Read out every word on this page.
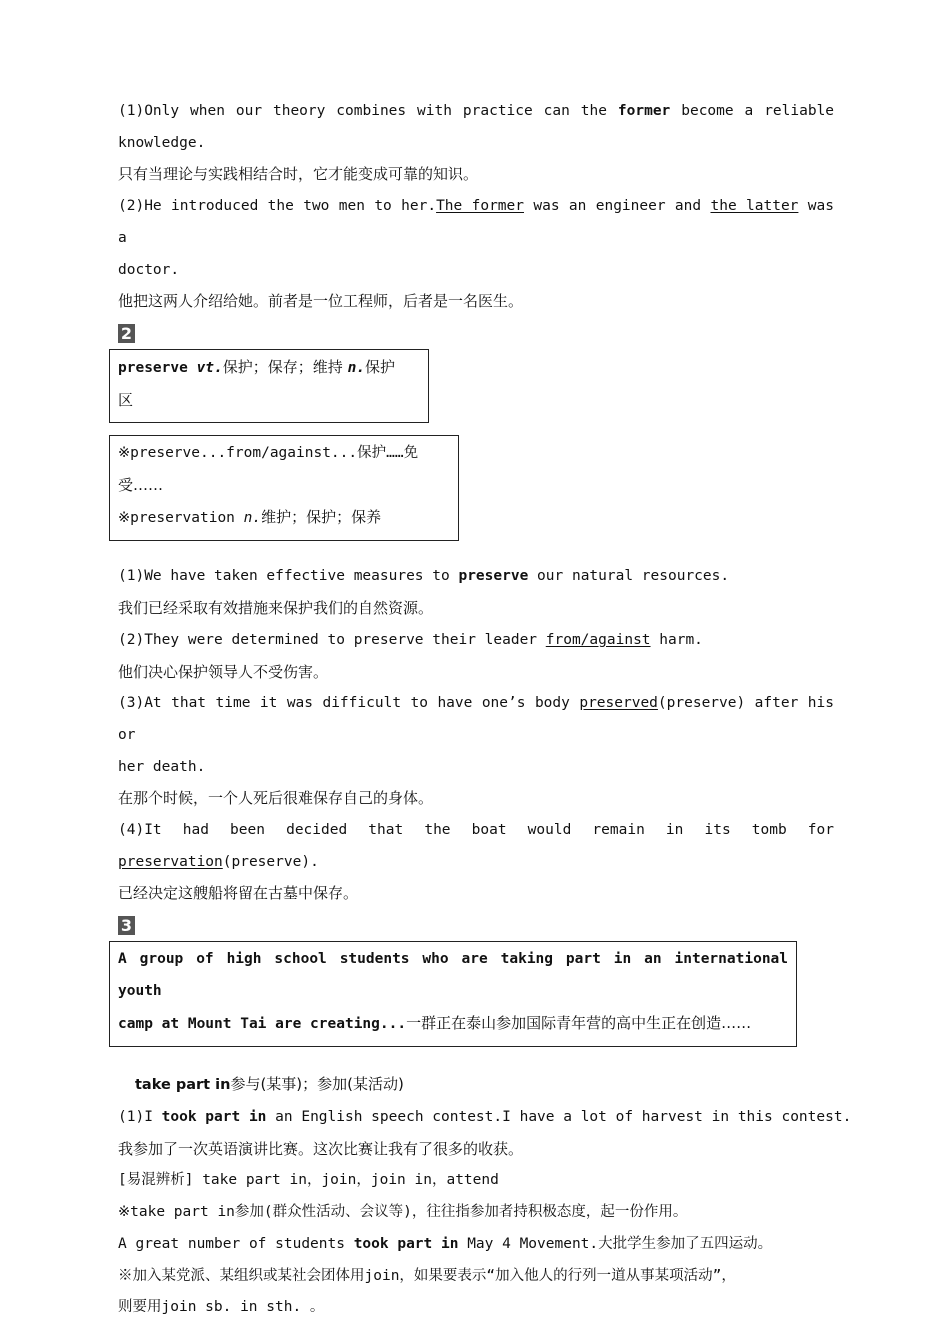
(1)Only when our theory combines with practice can the former become a reliable
knowledge.
只有当理论与实践相结合时，它才能变成可靠的知识。
(2)He introduced the two men to her.The former was an engineer and the latter was a
doctor.
他把这两人介绍给她。前者是一位工程师，后者是一名医生。
2
preserve vt.保护；保存；维持 n.保护
区
※preserve...from/against...保护……免
受……
※preservation n.维护；保护；保养
(1)We have taken effective measures to preserve our natural resources.
我们已经采取有效措施来保护我们的自然资源。
(2)They were determined to preserve their leader from/against harm.
他们决心保护领导人不受伤害。
(3)At that time it was difficult to have one’s body preserved(preserve) after his or
her death.
在那个时候，一个人死后很难保存自己的身体。
(4)It had been decided that the boat would remain in its tomb for
preservation(preserve).
已经决定这艘船将留在古墓中保存。
3
A group of high school students who are taking part in an international youth
camp at Mount Tai are creating...一群正在泰山参加国际青年营的高中生正在创造……
take part in参与(某事)；参加(某活动)
(1)I took part in an English speech contest.I have a lot of harvest in this contest.
我参加了一次英语演讲比赛。这次比赛让我有了很多的收获。
[易混辨析] take part in，join，join in，attend
※take part in参加(群众性活动、会议等)，往往指参加者持积极态度，起一份作用。
A great number of students took part in May 4 Movement.大批学生参加了五四运动。
※加入某党派、某组织或某社会团体用join，如果要表示“加入他人的行列一道从事某项活动”，
则要用join sb. in sth. 。
